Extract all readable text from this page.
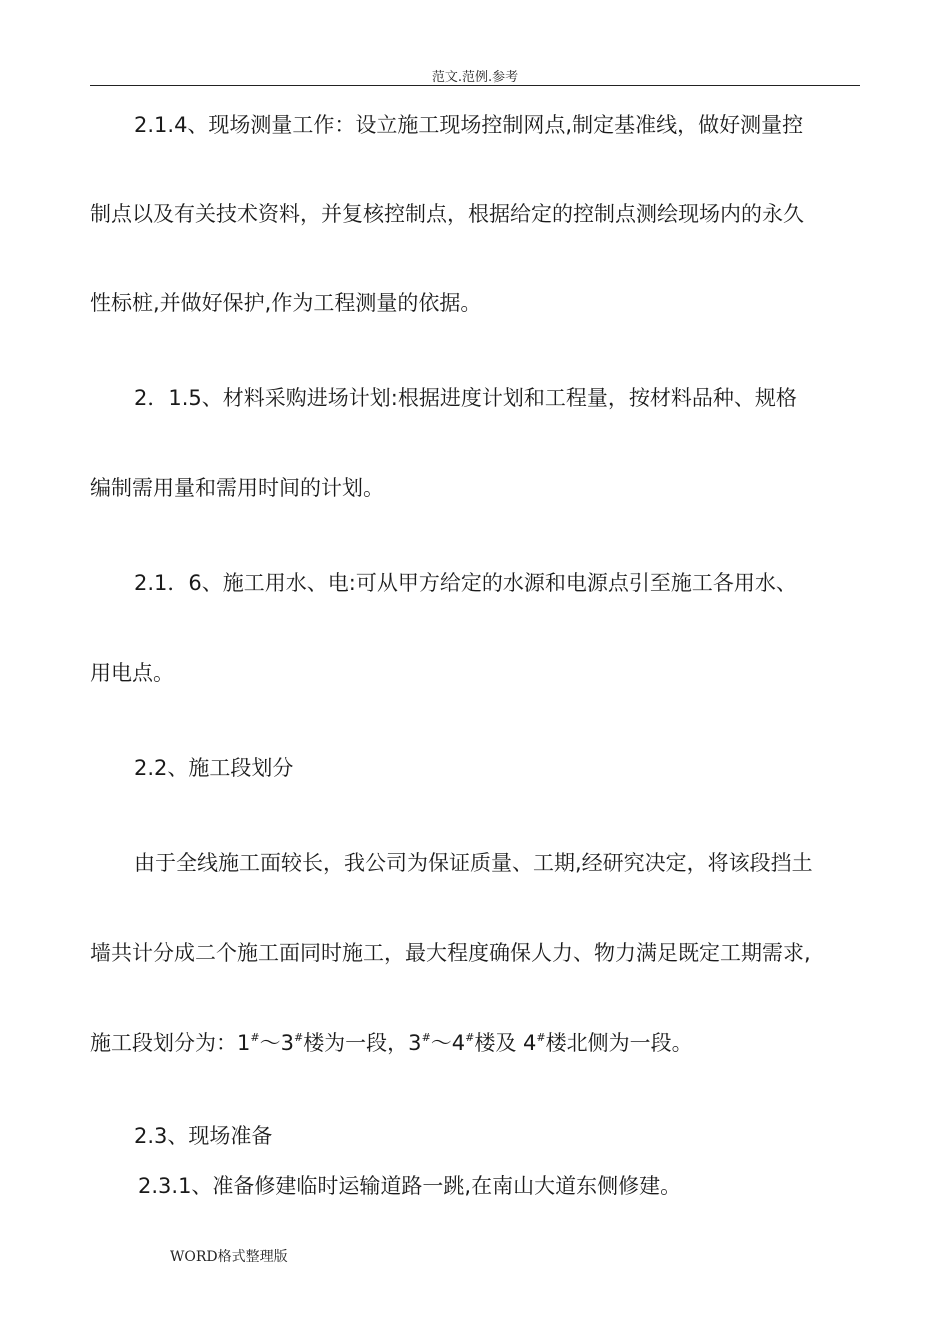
范文.范例.参考
2.1.4、现场测量工作：设立施工现场控制网点,制定基准线，做好测量控
制点以及有关技术资料，并复核控制点，根据给定的控制点测绘现场内的永久
性标桩,并做好保护,作为工程测量的依据。
2．1.5、材料采购进场计划:根据进度计划和工程量，按材料品种、规格
编制需用量和需用时间的计划。
2.1．6、施工用水、电:可从甲方给定的水源和电源点引至施工各用水、
用电点。
2.2、施工段划分
由于全线施工面较长，我公司为保证质量、工期,经研究决定，将该段挡土
墙共计分成二个施工面同时施工，最大程度确保人力、物力满足既定工期需求,
施工段划分为：1#～3#楼为一段，3#～4#楼及 4#楼北侧为一段。
2.3、现场准备
2.3.1、准备修建临时运输道路一跳,在南山大道东侧修建。
WORD格式整理版
